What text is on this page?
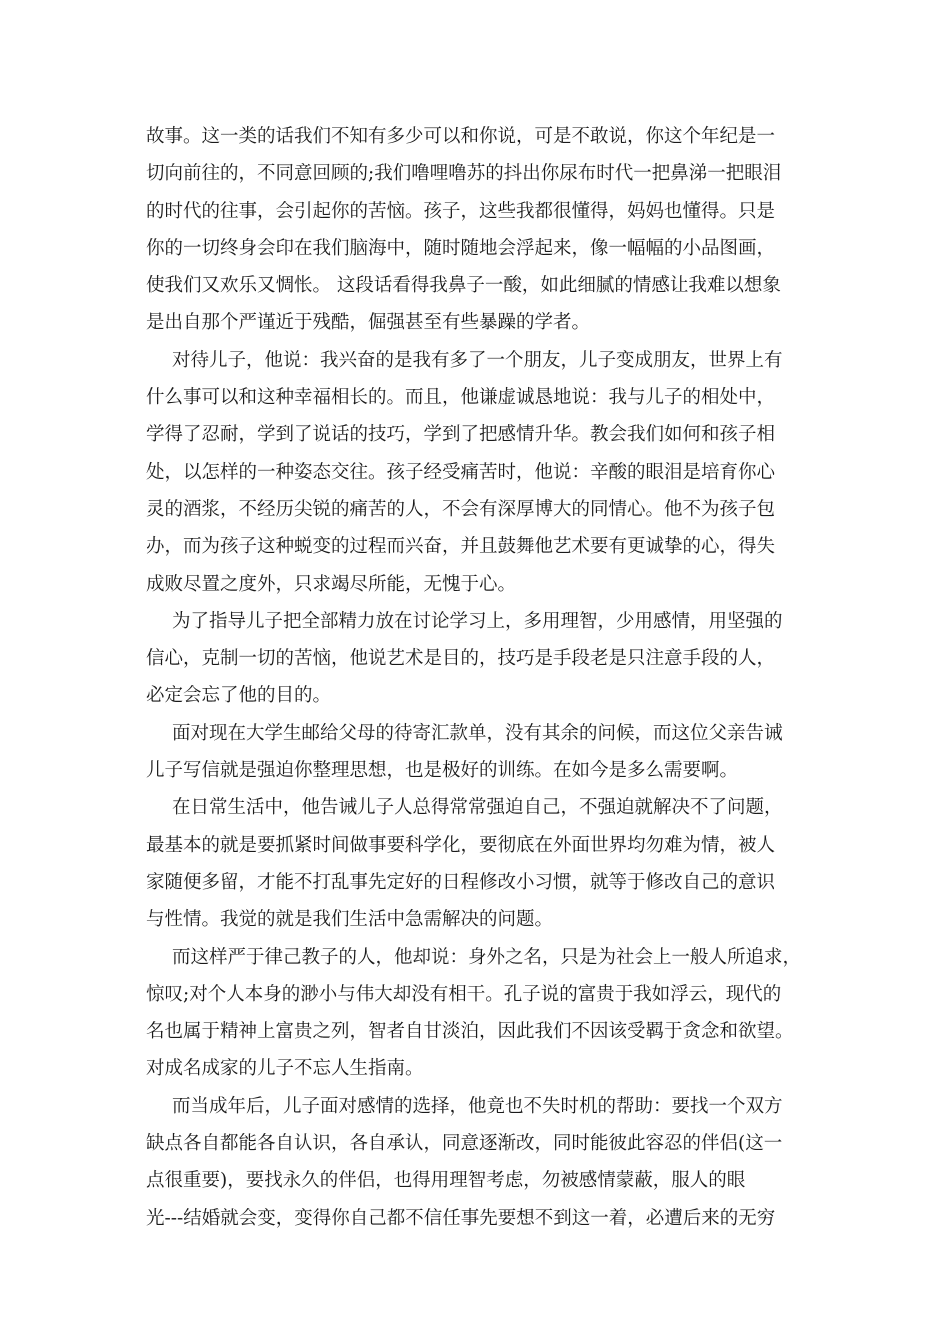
故事。这一类的话我们不知有多少可以和你说，可是不敢说，你这个年纪是一
切向前往的，不同意回顾的;我们噜哩噜苏的抖出你尿布时代一把鼻涕一把眼泪
的时代的往事，会引起你的苦恼。孩子，这些我都很懂得，妈妈也懂得。只是
你的一切终身会印在我们脑海中，随时随地会浮起来，像一幅幅的小品图画，
使我们又欢乐又惆怅。 这段话看得我鼻子一酸，如此细腻的情感让我难以想象
是出自那个严谨近于残酷，倔强甚至有些暴躁的学者。
对待儿子，他说：我兴奋的是我有多了一个朋友，儿子变成朋友，世界上有
什么事可以和这种幸福相长的。而且，他谦虚诚恳地说：我与儿子的相处中，
学得了忍耐，学到了说话的技巧，学到了把感情升华。教会我们如何和孩子相
处，以怎样的一种姿态交往。孩子经受痛苦时，他说：辛酸的眼泪是培育你心
灵的酒浆，不经历尖锐的痛苦的人，不会有深厚博大的同情心。他不为孩子包
办，而为孩子这种蜕变的过程而兴奋，并且鼓舞他艺术要有更诚挚的心，得失
成败尽置之度外，只求竭尽所能，无愧于心。
为了指导儿子把全部精力放在讨论学习上，多用理智，少用感情，用坚强的
信心，克制一切的苦恼，他说艺术是目的，技巧是手段老是只注意手段的人，
必定会忘了他的目的。
面对现在大学生邮给父母的待寄汇款单，没有其余的问候，而这位父亲告诫
儿子写信就是强迫你整理思想，也是极好的训练。在如今是多么需要啊。
在日常生活中，他告诫儿子人总得常常强迫自己，不强迫就解决不了问题，
最基本的就是要抓紧时间做事要科学化，要彻底在外面世界均勿难为情，被人
家随便多留，才能不打乱事先定好的日程修改小习惯，就等于修改自己的意识
与性情。我觉的就是我们生活中急需解决的问题。
而这样严于律己教子的人，他却说：身外之名，只是为社会上一般人所追求，
惊叹;对个人本身的渺小与伟大却没有相干。孔子说的富贵于我如浮云，现代的
名也属于精神上富贵之列，智者自甘淡泊，因此我们不因该受羁于贪念和欲望。
对成名成家的儿子不忘人生指南。
而当成年后，儿子面对感情的选择，他竟也不失时机的帮助：要找一个双方
缺点各自都能各自认识，各自承认，同意逐渐改，同时能彼此容忍的伴侣(这一
点很重要)，要找永久的伴侣，也得用理智考虑，勿被感情蒙蔽，服人的眼
光---结婚就会变，变得你自己都不信任事先要想不到这一着，必遭后来的无穷
